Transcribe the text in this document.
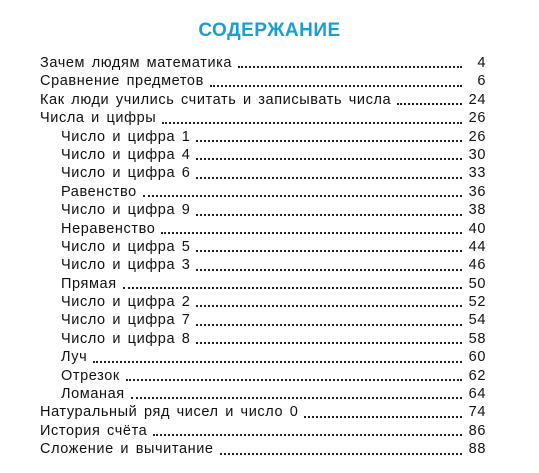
СОДЕРЖАНИЕ
Зачем людям математика	4
Сравнение предметов	6
Как люди учились считать и записывать числа	24
Числа и цифры	26
Число и цифра 1	26
Число и цифра 4	30
Число и цифра 6	33
Равенство	36
Число и цифра 9	38
Неравенство	40
Число и цифра 5	44
Число и цифра 3	46
Прямая	50
Число и цифра 2	52
Число и цифра 7	54
Число и цифра 8	58
Луч	60
Отрезок	62
Ломаная	64
Натуральный ряд чисел и число 0	74
История счёта	86
Сложение и вычитание	88
